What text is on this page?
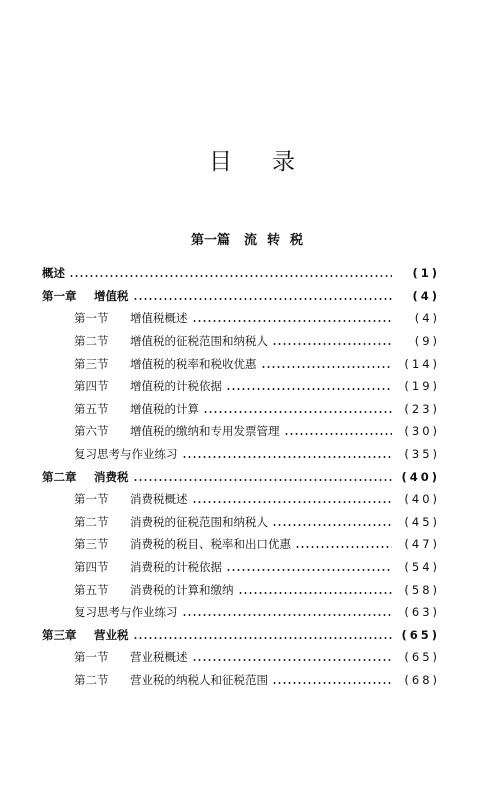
目录
第一篇 流转税
概述	(1)
第一章	增值税	(4)
第一节	增值税概述	(4)
第二节	增值税的征税范围和纳税人	(9)
第三节	增值税的税率和税收优惠	(14)
第四节	增值税的计税依据	(19)
第五节	增值税的计算	(23)
第六节	增值税的缴纳和专用发票管理	(30)
复习思考与作业练习	(35)
第二章	消费税	(40)
第一节	消费税概述	(40)
第二节	消费税的征税范围和纳税人	(45)
第三节	消费税的税目、税率和出口优惠	(47)
第四节	消费税的计税依据	(54)
第五节	消费税的计算和缴纳	(58)
复习思考与作业练习	(63)
第三章	营业税	(65)
第一节	营业税概述	(65)
第二节	营业税的纳税人和征税范围	(68)
